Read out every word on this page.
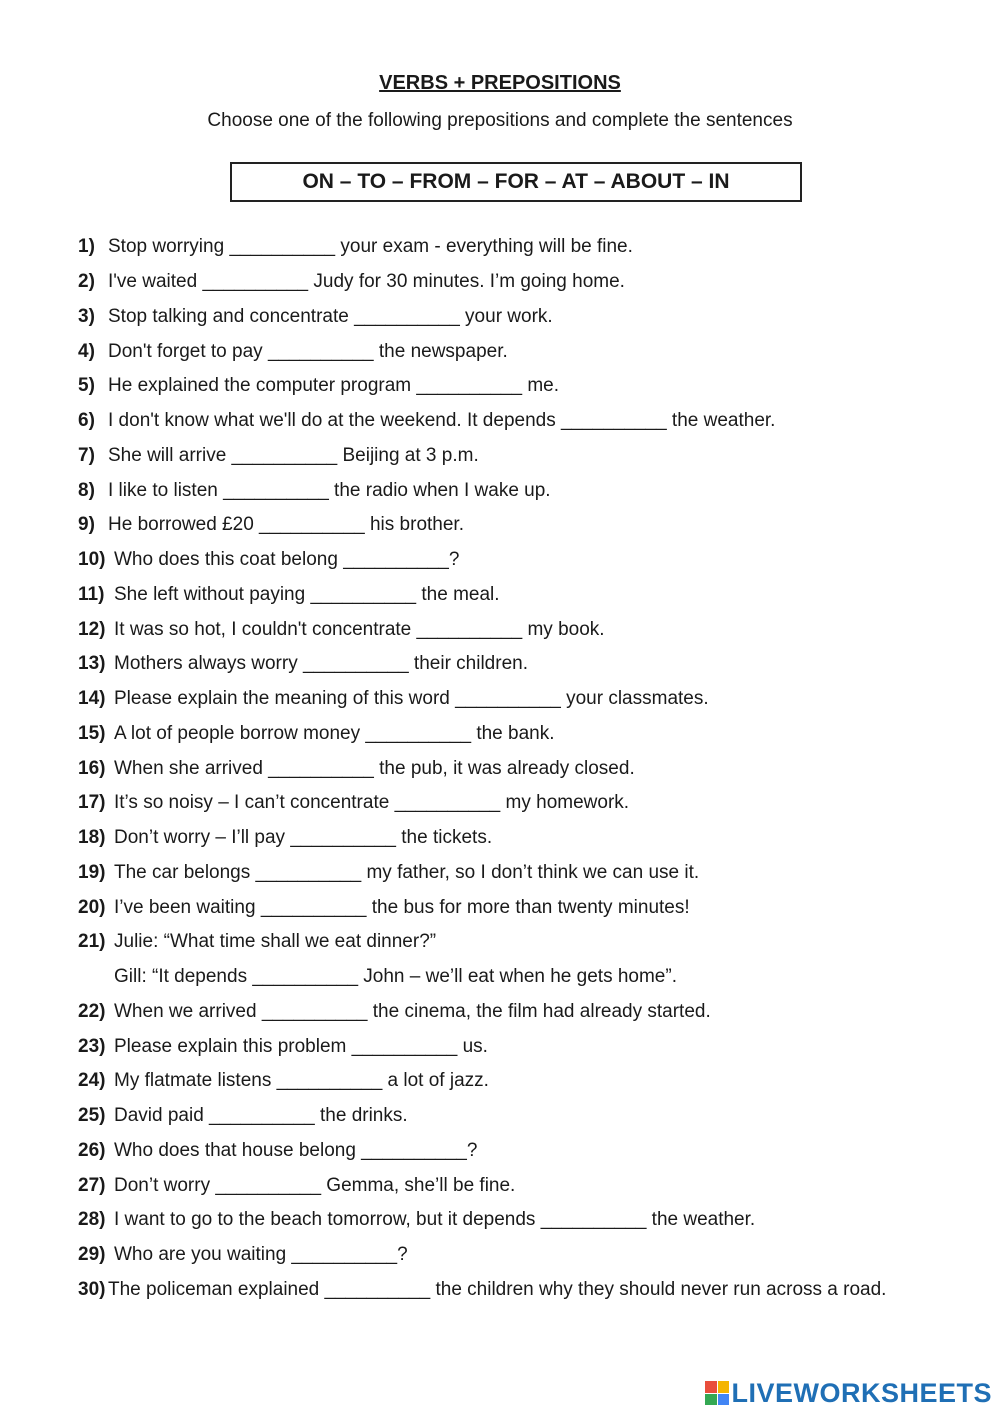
VERBS + PREPOSITIONS
Choose one of the following prepositions and complete the sentences
ON – TO – FROM – FOR – AT – ABOUT – IN
1) Stop worrying __________ your exam - everything will be fine.
2) I've waited __________ Judy for 30 minutes. I’m going home.
3) Stop talking and concentrate __________ your work.
4) Don't forget to pay __________ the newspaper.
5) He explained the computer program __________ me.
6) I don't know what we'll do at the weekend. It depends __________ the weather.
7) She will arrive __________ Beijing at 3 p.m.
8) I like to listen __________ the radio when I wake up.
9) He borrowed £20 __________ his brother.
10) Who does this coat belong __________?
11) She left without paying __________ the meal.
12) It was so hot, I couldn't concentrate __________ my book.
13) Mothers always worry __________ their children.
14) Please explain the meaning of this word __________ your classmates.
15) A lot of people borrow money __________ the bank.
16) When she arrived __________ the pub, it was already closed.
17) It’s so noisy – I can’t concentrate __________ my homework.
18) Don’t worry – I’ll pay __________ the tickets.
19) The car belongs __________ my father, so I don’t think we can use it.
20) I’ve been waiting __________ the bus for more than twenty minutes!
21) Julie: “What time shall we eat dinner?”
Gill: “It depends __________ John – we’ll eat when he gets home”.
22) When we arrived __________ the cinema, the film had already started.
23) Please explain this problem __________ us.
24) My flatmate listens __________ a lot of jazz.
25) David paid __________ the drinks.
26) Who does that house belong __________?
27) Don’t worry __________ Gemma, she’ll be fine.
28) I want to go to the beach tomorrow, but it depends __________ the weather.
29) Who are you waiting __________?
30) The policeman explained __________ the children why they should never run across a road.
LIVEWORKSHEETS
